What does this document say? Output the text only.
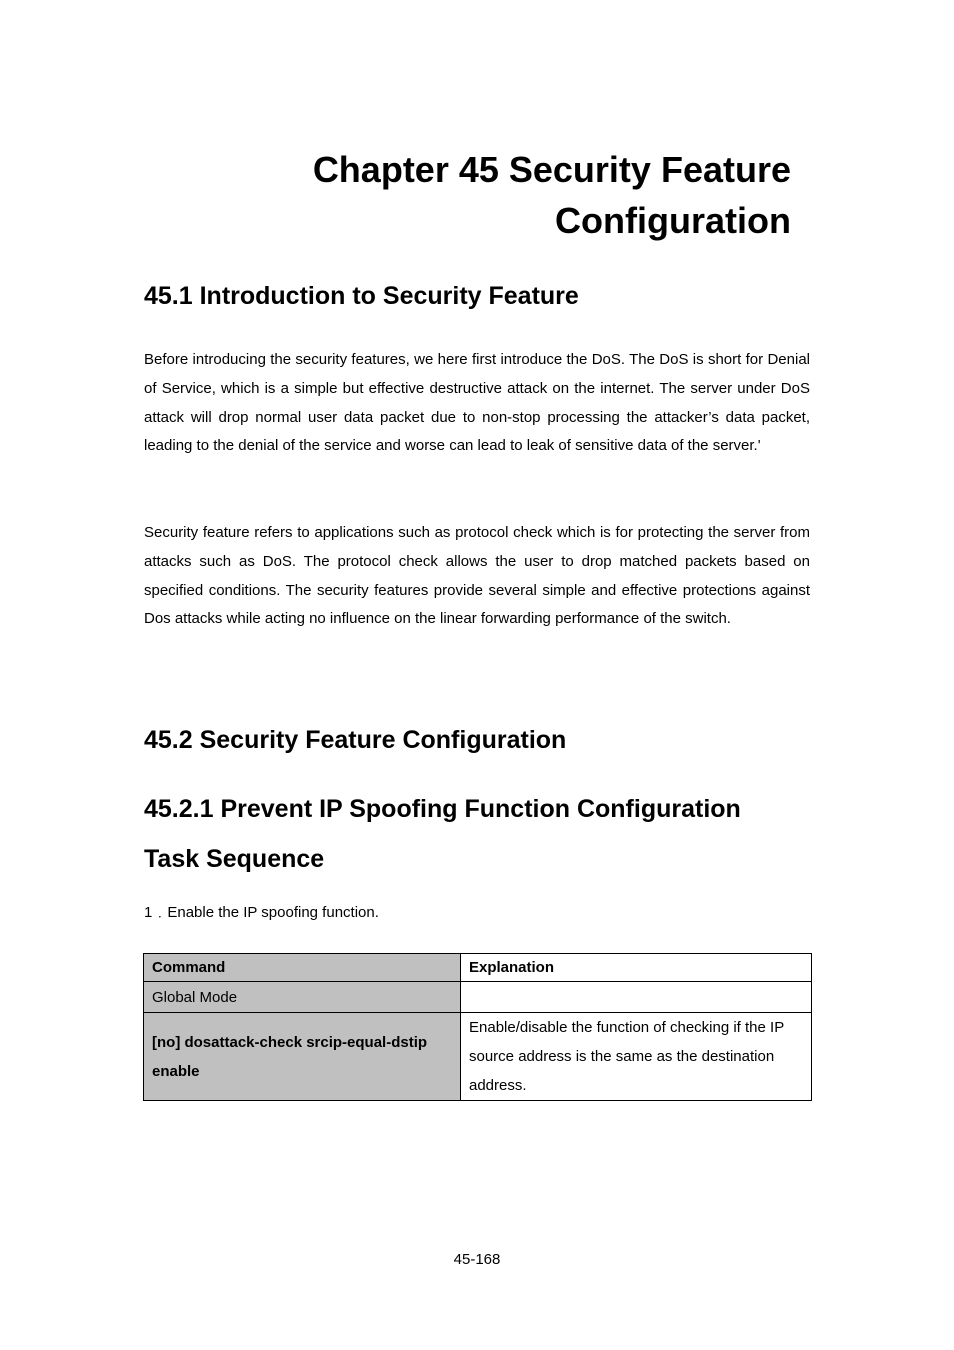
Chapter 45 Security Feature
Configuration
45.1 Introduction to Security Feature

Before introducing the security features, we here first introduce the DoS. The DoS is short for Denial of Service, which is a simple but effective destructive attack on the internet. The server under DoS attack will drop normal user data packet due to non-stop processing the attacker’s data packet, leading to the denial of the service and worse can lead to leak of sensitive data of the server.'

Security feature refers to applications such as protocol check which is for protecting the server from attacks such as DoS. The protocol check allows the user to drop matched packets based on specified conditions. The security features provide several simple and effective protections against Dos attacks while acting no influence on the linear forwarding performance of the switch.

45.2 Security Feature Configuration
45.2.1 Prevent IP Spoofing Function Configuration
Task Sequence

1﹒Enable the IP spoofing function.

Command	Explanation
Global Mode	
[no] dosattack-check srcip-equal-dstip enable	Enable/disable the function of checking if the IP source address is the same as the destination address.

45-168
